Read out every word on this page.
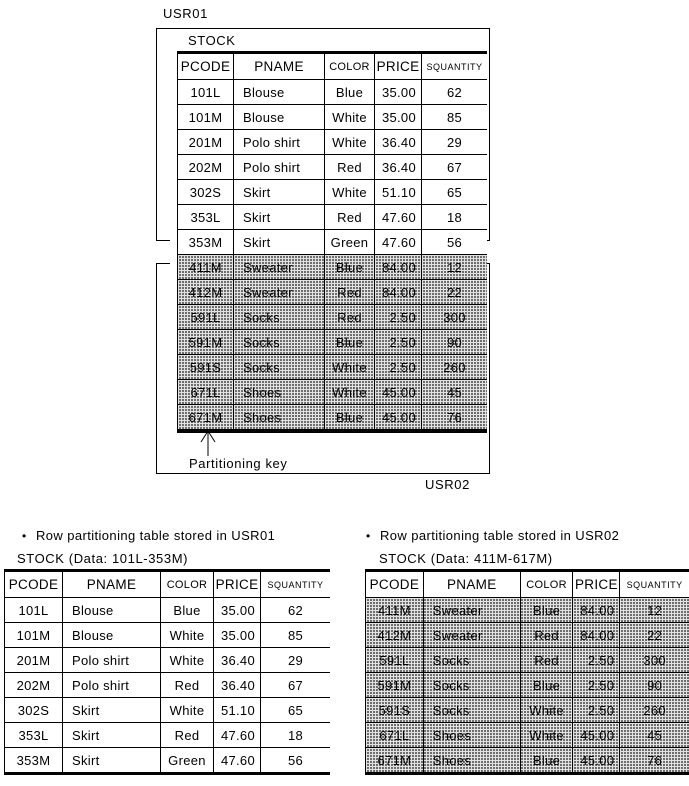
USR01
STOCK
PCODE	PNAME	COLOR	PRICE	SQUANTITY
101L	Blouse	Blue	35.00	62
101M	Blouse	White	35.00	85
201M	Polo shirt	White	36.40	29
202M	Polo shirt	Red	36.40	67
302S	Skirt	White	51.10	65
353L	Skirt	Red	47.60	18
353M	Skirt	Green	47.60	56
411M	Sweater	Blue	84.00	12
412M	Sweater	Red	84.00	22
591L	Socks	Red	2.50	300
591M	Socks	Blue	2.50	90
591S	Socks	White	2.50	260
671L	Shoes	White	45.00	45
671M	Shoes	Blue	45.00	76
Partitioning key
USR02
• Row partitioning table stored in USR01
STOCK (Data: 101L-353M)
PCODE	PNAME	COLOR	PRICE	SQUANTITY
101L	Blouse	Blue	35.00	62
101M	Blouse	White	35.00	85
201M	Polo shirt	White	36.40	29
202M	Polo shirt	Red	36.40	67
302S	Skirt	White	51.10	65
353L	Skirt	Red	47.60	18
353M	Skirt	Green	47.60	56
• Row partitioning table stored in USR02
STOCK (Data: 411M-617M)
PCODE	PNAME	COLOR	PRICE	SQUANTITY
411M	Sweater	Blue	84.00	12
412M	Sweater	Red	84.00	22
591L	Socks	Red	2.50	300
591M	Socks	Blue	2.50	90
591S	Socks	White	2.50	260
671L	Shoes	White	45.00	45
671M	Shoes	Blue	45.00	76
